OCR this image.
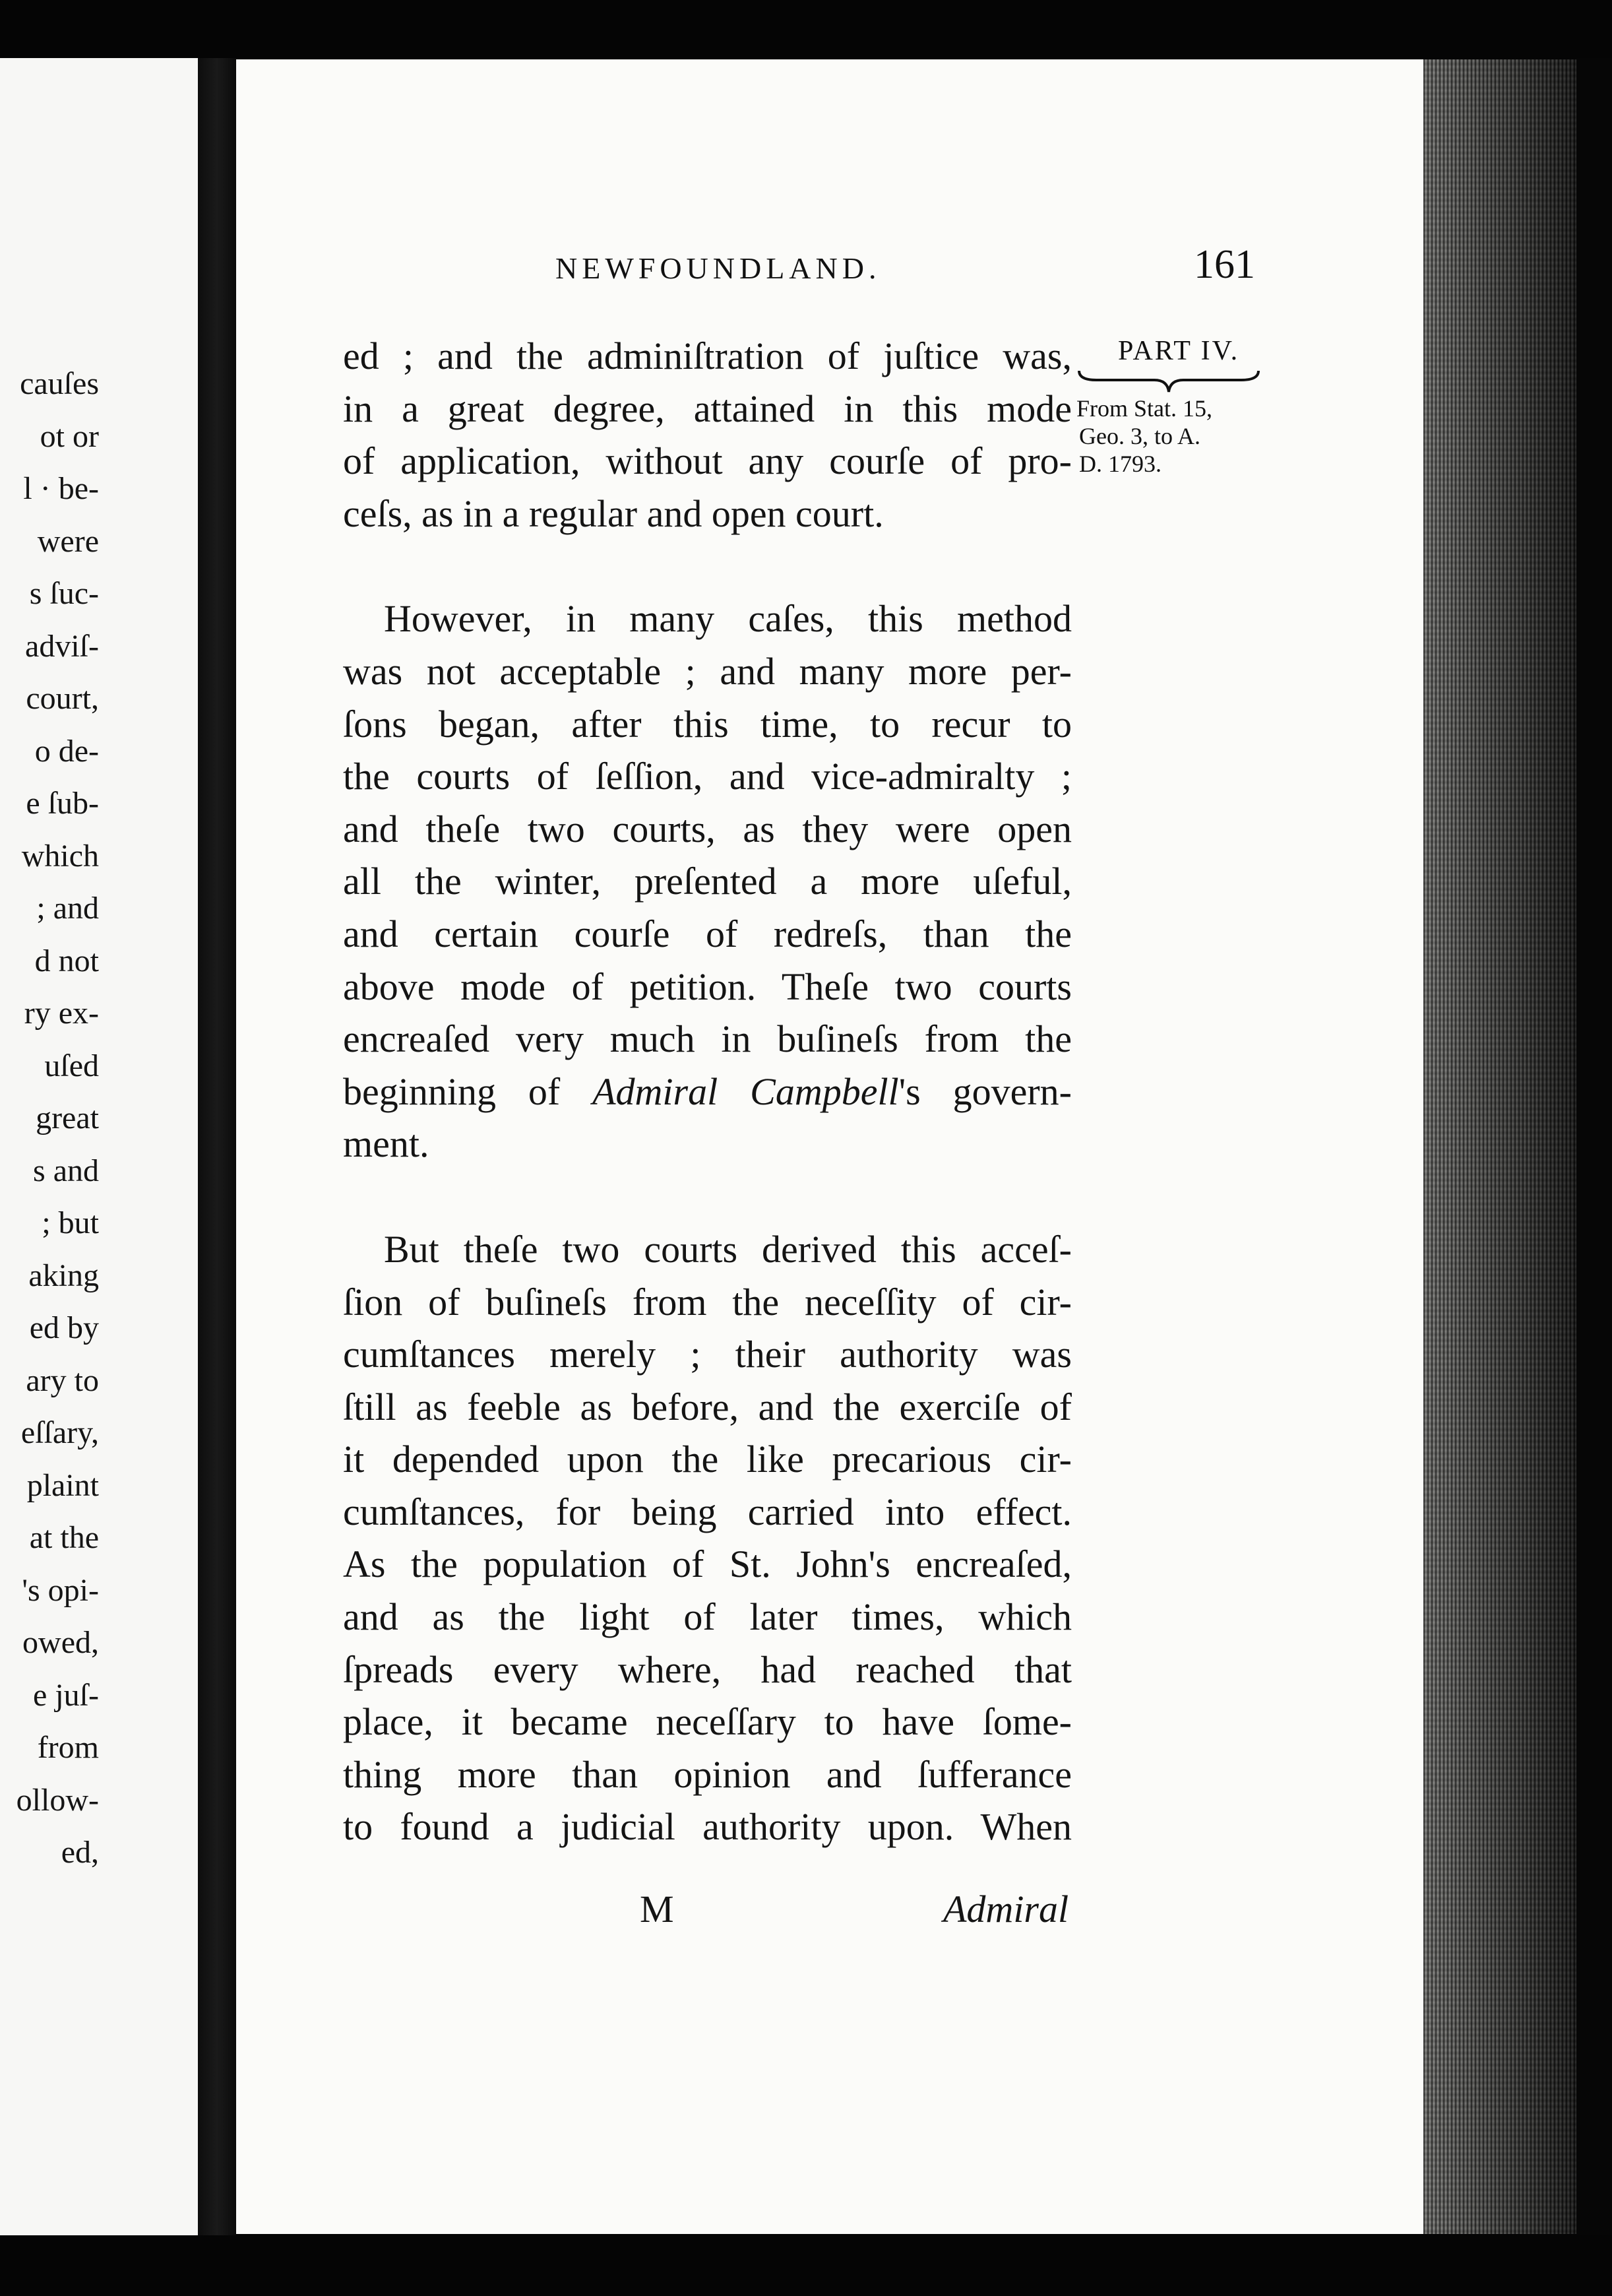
cauſes
ot or
l · be-
were
s ſuc-
adviſ-
court,
o de-
e ſub-
which
; and
d not
ry ex-
uſed
great
s and
; but
aking
ed by
ary to
eſſary,
plaint
at the
's opi-
owed,
e juſ-
from
ollow-
ed,
NEWFOUNDLAND.	161
PART IV.
From Stat. 15,
Geo. 3, to A.
D. 1793.
ed ; and the adminiſtration of juſtice was,
in a great degree, attained in this mode
of application, without any courſe of pro-
ceſs, as in a regular and open court.
However, in many caſes, this method
was not acceptable ; and many more per-
ſons began, after this time, to recur to
the courts of ſeſſion, and vice-admiralty ;
and theſe two courts, as they were open
all the winter, preſented a more uſeful,
and certain courſe of redreſs, than the
above mode of petition. Theſe two courts
encreaſed very much in buſineſs from the
beginning of Admiral Campbell's govern-
ment.
But theſe two courts derived this acceſ-
ſion of buſineſs from the neceſſity of cir-
cumſtances merely ; their authority was
ſtill as feeble as before, and the exerciſe of
it depended upon the like precarious cir-
cumſtances, for being carried into effect.
As the population of St. John's encreaſed,
and as the light of later times, which
ſpreads every where, had reached that
place, it became neceſſary to have ſome-
thing more than opinion and ſufferance
to found a judicial authority upon. When
M	Admiral
